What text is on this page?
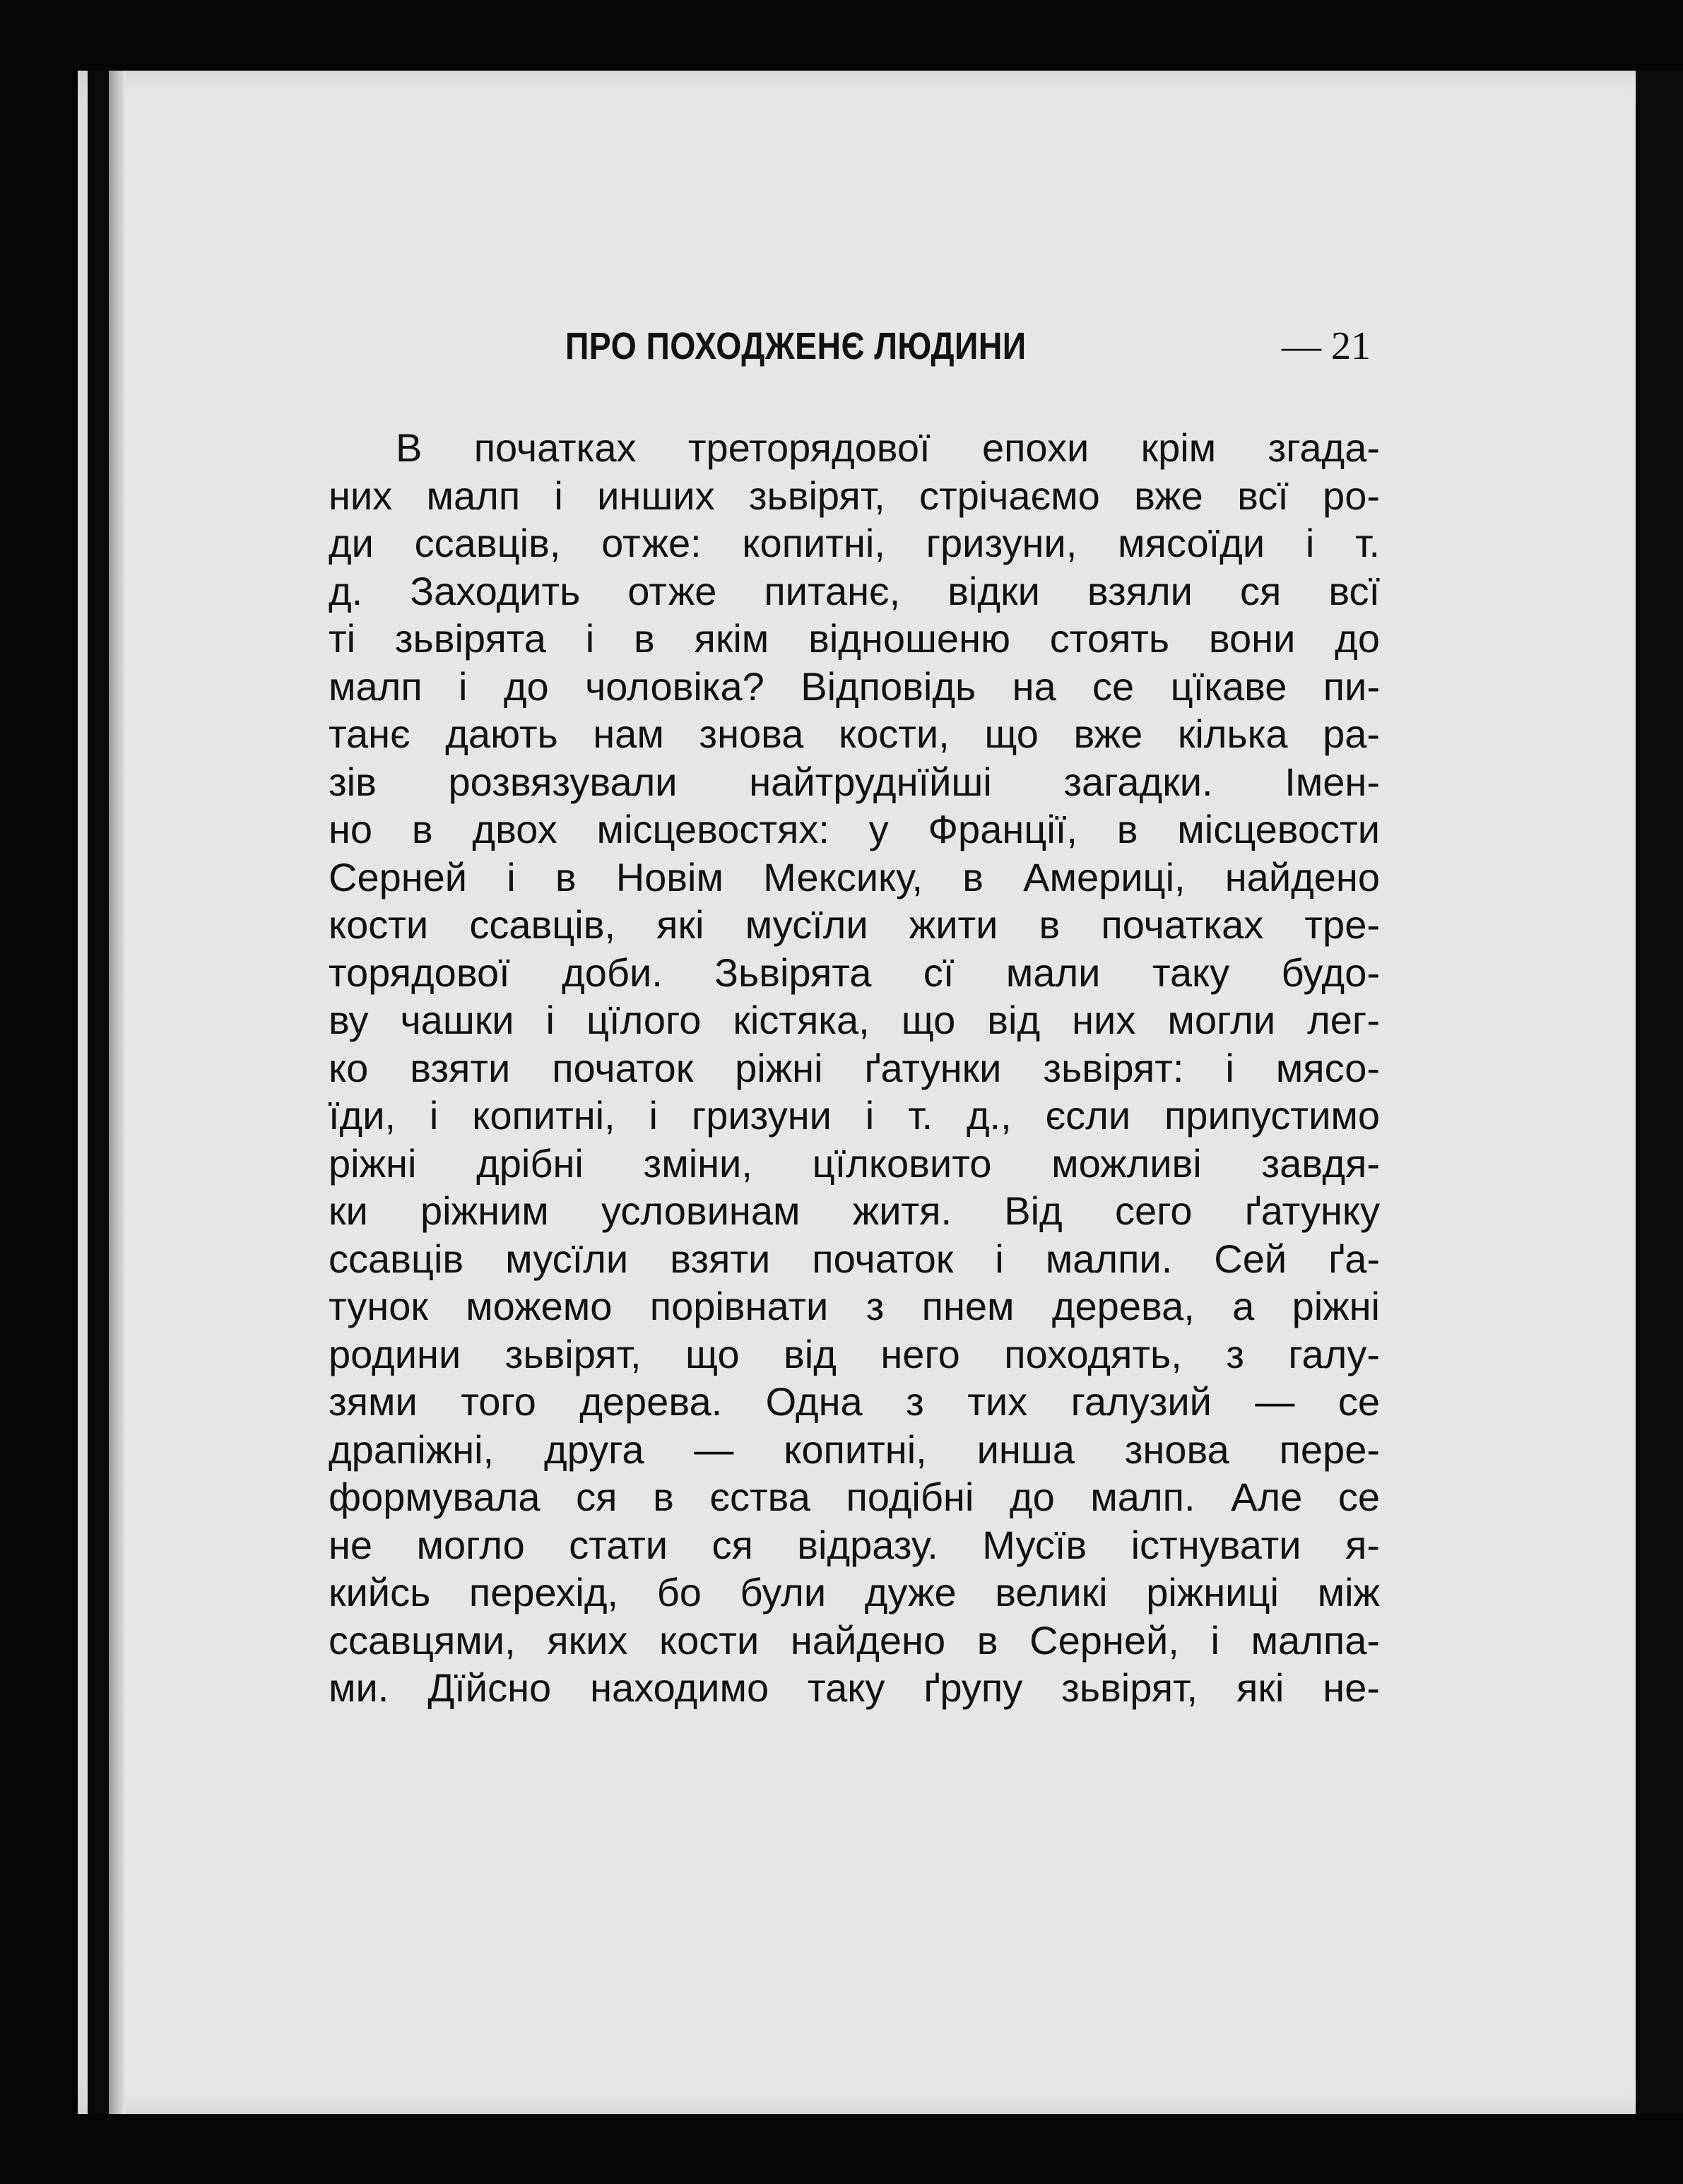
ПРО ПОХОДЖЕНЄ ЛЮДИНИ	— 21
В початках треторядової епохи крім згада-
них малп і инших зьвірят, стрічаємо вже всї ро-
ди ссавців, отже: копитні, гризуни, мясоїди і т.
д. Заходить отже питанє, відки взяли ся всї
ті зьвірята і в якім відношеню стоять вони до
малп і до чоловіка? Відповідь на се цїкаве пи-
танє дають нам знова кости, що вже кілька ра-
зів розвязували найтруднїйші загадки. Імен-
но в двох місцевостях: у Франції, в місцевости
Серней і в Новім Мексику, в Америці, найдено
кости ссавців, які мусїли жити в початках тре-
торядової доби. Зьвірята сї мали таку будо-
ву чашки і цїлого кістяка, що від них могли лег-
ко взяти початок ріжні ґатунки зьвірят: і мясо-
їди, і копитні, і гризуни і т. д., єсли припустимо
ріжні дрібні зміни, цїлковито можливі завдя-
ки ріжним условинам житя. Від сего ґатунку
ссавців мусїли взяти початок і малпи. Сей ґа-
тунок можемо порівнати з пнем дерева, а ріжні
родини зьвірят, що від него походять, з галу-
зями того дерева. Одна з тих галузий — се
драпіжні, друга — копитні, инша знова пере-
формувала ся в єства подібні до малп. Але се
не могло стати ся відразу. Мусїв істнувати я-
кийсь перехід, бо були дуже великі ріжниці між
ссавцями, яких кости найдено в Серней, і малпа-
ми. Дїйсно находимо таку ґрупу зьвірят, які не-
